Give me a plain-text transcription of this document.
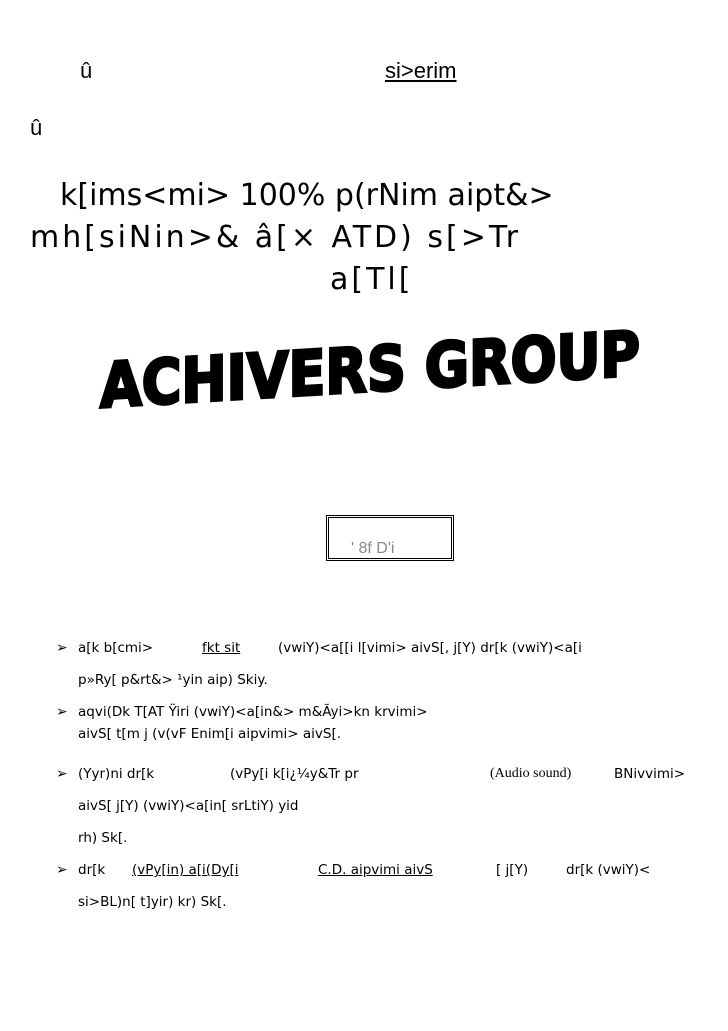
û	si>erim
û
k[ims<mi> 100% p(rNim aipt&>
mh[siNin>& â[× ATD) s[>Tr
a[Tl[
ACHIVERS GROUP
' 8f D'i
➢ a[k b[cmi>	fkt sit	(vwiY)<a[[i l[vimi> aivS[, j[Y) dr[k (vwiY)<a[i
p»Ry[ p&rt&> ¹yin aip) Skiy.
➢ aqvi(Dk T[AT Ÿiri (vwiY)<a[in&> m&Ãyi>kn krvimi>
aivS[ t[m j (v(vF Enim[i aipvimi> aivS[.
➢ (Yyr)ni dr[k	(vPy[i k[i¿¼y&Tr pr	(Audio sound)	BNivvimi>
aivS[ j[Y) (vwiY)<a[in[ srLtiY) yid
rh) Sk[.
➢ dr[k (vPy[in) a[i(Dy[i	C.D. aipvimi aivS	[ j[Y)	dr[k (vwiY)<
si>BL)n[ t]yir) kr) Sk[.
